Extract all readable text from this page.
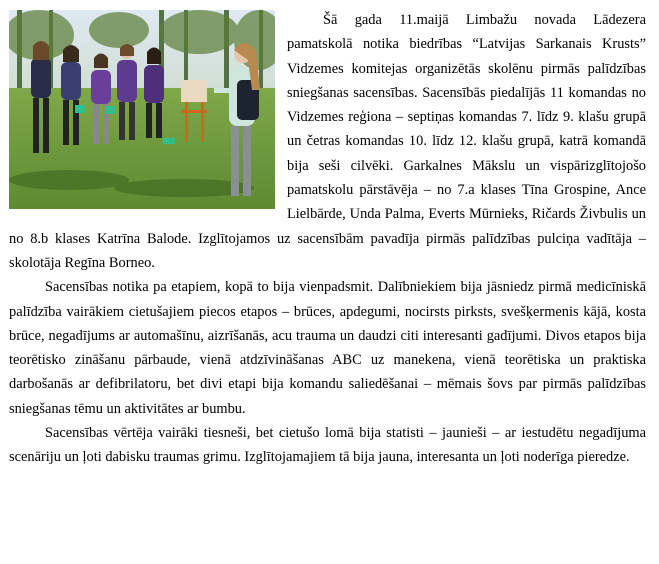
Šā gada 11.maijā Limbažu novada Lādezera pamatskolā notika biedrības “Latvijas Sarkanais Krusts” Vidzemes komitejas organizētās skolēnu pirmās palīdzības sniegšanas sacensības. Sacensībās piedalījās 11 komandas no Vidzemes reģiona – septiņas komandas 7. līdz 9. klašu grupā un četras komandas 10. līdz 12. klašu grupā, katrā komandā bija seši cilvēki. Garkalnes Mākslu un vispārizglītojošo pamatskolu pārstāvēja – no 7.a klases Tīna Grospine, Ance Lielbārde, Unda Palma, Everts Mūrnieks, Ričards Živbulis un no 8.b klases Katrīna Balode. Izglītojamos uz sacensībām pavadīja pirmās palīdzības pulciņa vadītāja – skolotāja Regīna Borneo.

Sacensības notika pa etapiem, kopā to bija vienpadsmit. Dalībniekiem bija jāsniedz pirmā medicīniskā palīdzība vairākiem cietušajiem piecos etapos – brūces, apdegumi, nocirsts pirksts, svešķermenis kājā, kosta brūce, negadījums ar automašīnu, aizrīšanās, acu trauma un daudzi citi interesanti gadījumi. Divos etapos bija teorētisko zināšanu pārbaude, vienā atdzīvināšanas ABC uz manekena, vienā teorētiska un praktiska darbošanās ar defibrilatoru, bet divi etapi bija komandu saliedēšanai – mēmais šovs par pirmās palīdzības sniegšanas tēmu un aktivitātes ar bumbu.

Sacensības vērtēja vairāki tiesneši, bet cietušo lomā bija statisti – jaunieši – ar iestudētu negadījuma scenāriju un ļoti dabisku traumas grimu. Izglītojamajiem tā bija jauna, interesanta un ļoti noderīga pieredze.
